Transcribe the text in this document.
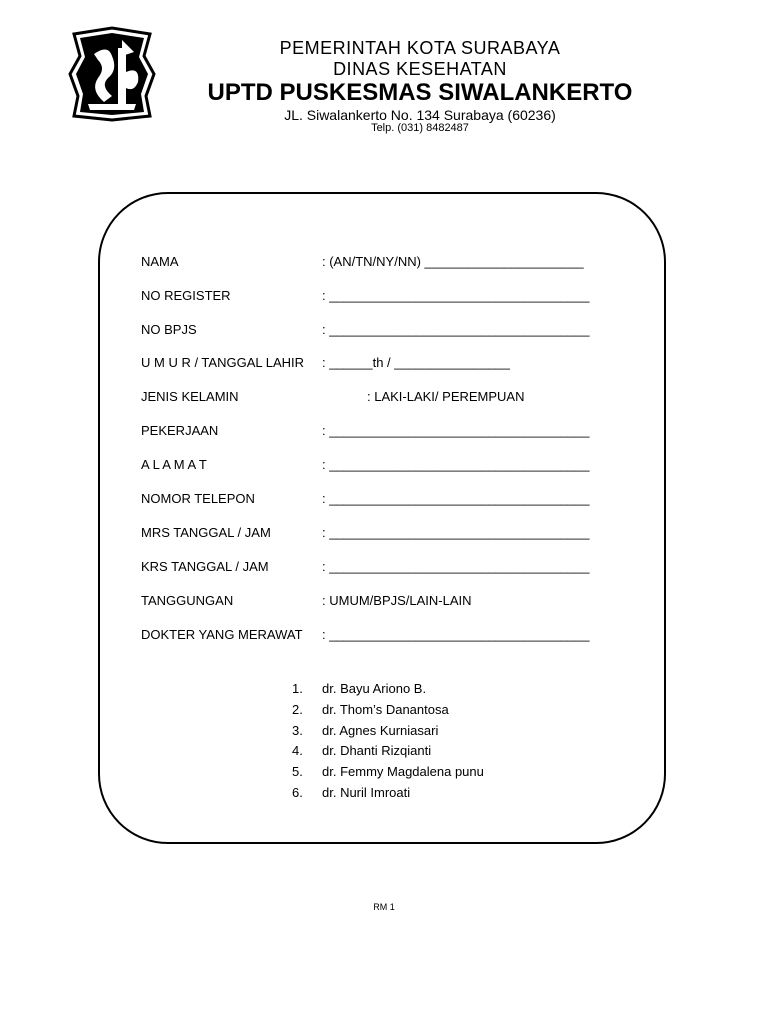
PEMERINTAH KOTA SURABAYA
DINAS KESEHATAN
UPTD PUSKESMAS SIWALANKERTO
JL. Siwalankerto No. 134 Surabaya (60236)
Telp. (031) 8482487
NAMA	: (AN/TN/NY/NN) ______________________
NO REGISTER	: ____________________________________
NO BPJS	: ____________________________________
U M U R / TANGGAL LAHIR : ______th / ________________
JENIS KELAMIN	: LAKI-LAKI/ PEREMPUAN
PEKERJAAN	: ____________________________________
A L A M A T	: ____________________________________
NOMOR TELEPON	: ____________________________________
MRS TANGGAL / JAM	: ____________________________________
KRS TANGGAL / JAM	: ____________________________________
TANGGUNGAN	: UMUM/BPJS/LAIN-LAIN
DOKTER YANG MERAWAT : ____________________________________
1.	dr. Bayu Ariono B.
2.	dr. Thom’s Danantosa
3.	dr. Agnes Kurniasari
4.	dr. Dhanti Rizqianti
5.	dr. Femmy Magdalena punu
6.	dr. Nuril Imroati
RM 1
